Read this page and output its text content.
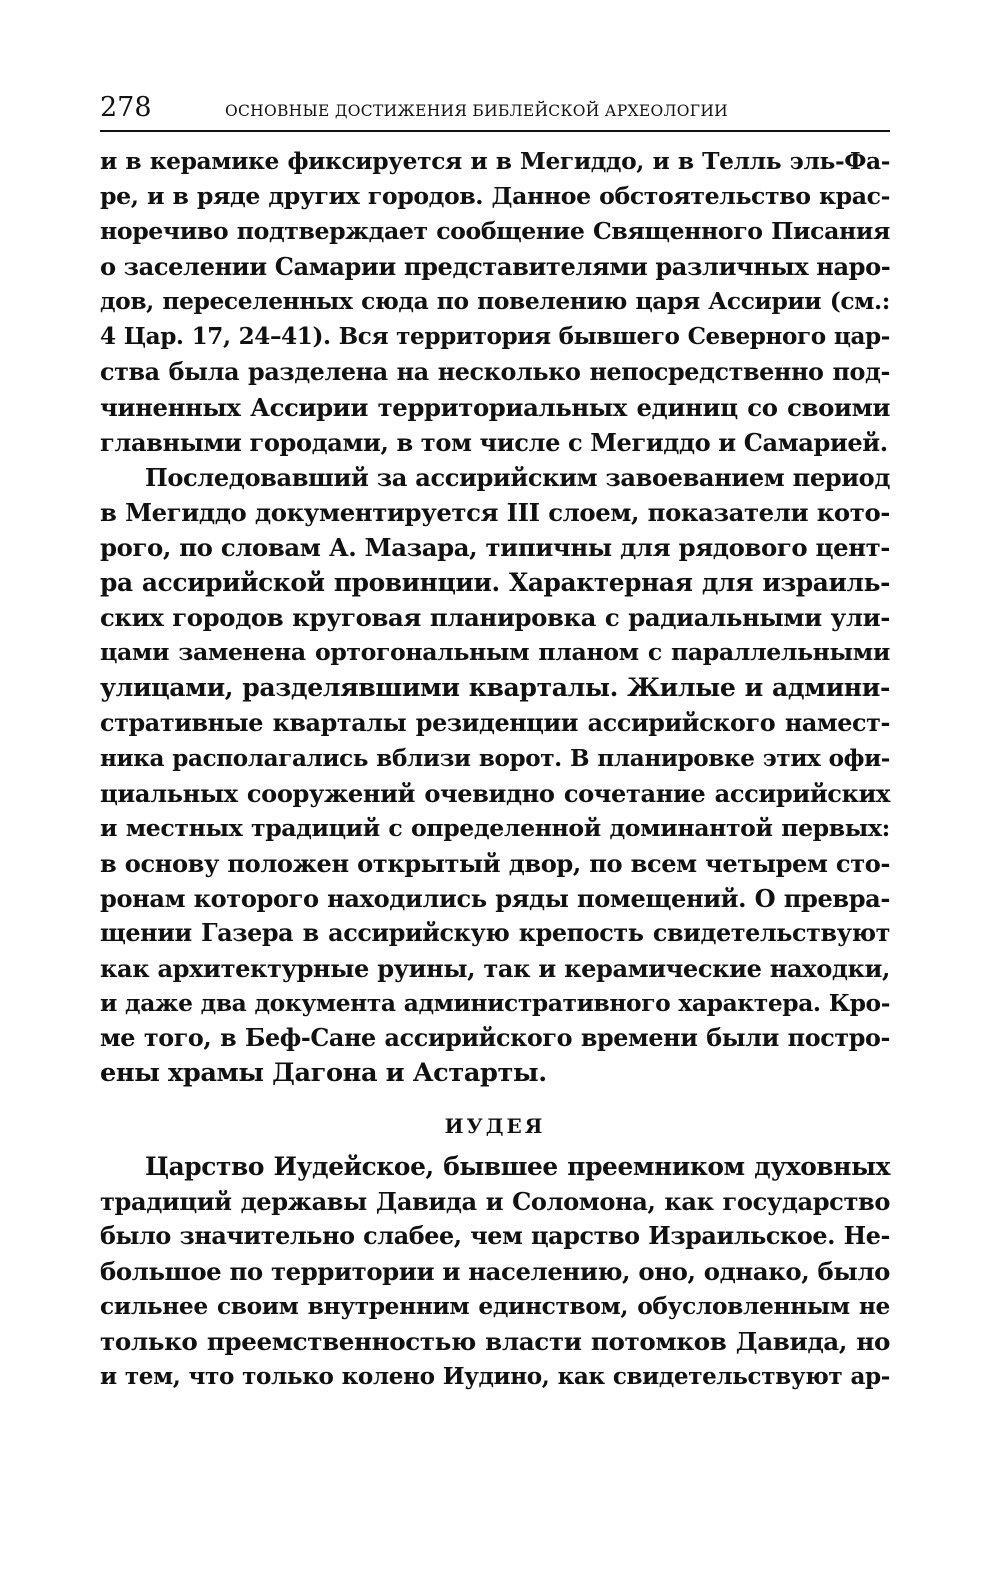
278	ОСНОВНЫЕ ДОСТИЖЕНИЯ БИБЛЕЙСКОЙ АРХЕОЛОГИИ
и в керамике фиксируется и в Мегиддо, и в Телль эль-Фа-
ре, и в ряде других городов. Данное обстоятельство крас-
норечиво подтверждает сообщение Священного Писания
о заселении Самарии представителями различных наро-
дов, переселенных сюда по повелению царя Ассирии (см.:
4 Цар. 17, 24–41). Вся территория бывшего Северного цар-
ства была разделена на несколько непосредственно под-
чиненных Ассирии территориальных единиц со своими
главными городами, в том числе с Мегиддо и Самарией.
Последовавший за ассирийским завоеванием период
в Мегиддо документируется III слоем, показатели кото-
рого, по словам А. Мазара, типичны для рядового цент-
ра ассирийской провинции. Характерная для израиль-
ских городов круговая планировка с радиальными ули-
цами заменена ортогональным планом с параллельными
улицами, разделявшими кварталы. Жилые и админи-
стративные кварталы резиденции ассирийского намест-
ника располагались вблизи ворот. В планировке этих офи-
циальных сооружений очевидно сочетание ассирийских
и местных традиций с определенной доминантой первых:
в основу положен открытый двор, по всем четырем сто-
ронам которого находились ряды помещений. О превра-
щении Газера в ассирийскую крепость свидетельствуют
как архитектурные руины, так и керамические находки,
и даже два документа административного характера. Кро-
ме того, в Беф-Сане ассирийского времени были постро-
ены храмы Дагона и Астарты.
ИУДЕЯ
Царство Иудейское, бывшее преемником духовных
традиций державы Давида и Соломона, как государство
было значительно слабее, чем царство Израильское. Не-
большое по территории и населению, оно, однако, было
сильнее своим внутренним единством, обусловленным не
только преемственностью власти потомков Давида, но
и тем, что только колено Иудино, как свидетельствуют ар-
